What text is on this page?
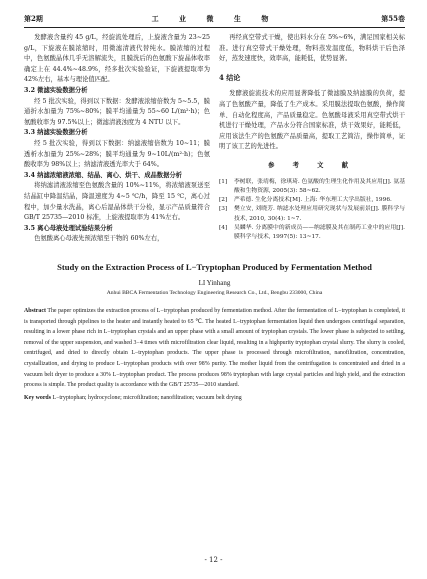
第2期	工 业 微 生 物	第55卷

发酵液含量约 45 g/L，经旋流处理后，上旋液含量为 23~25 g/L，下旋液在膜浓缩时，用微滤清液代替纯水。膜浓缩的过程中，色氨酸晶体几乎无溶解流失，且膜洗后的色氨酸下旋晶体收率确定上在 44.4%~48.9%，经多批次实验验证，下旋液提取率为 42%左右，基本与理论值匹配。

3.2 微滤实验数据分析

经 5 批次实验，得到以下数据：发酵液浓缩倍数为 5~5.5，膜通折水加量为 75%~80%；膜平均通量为 55~60 L/(m²·h)；色氨酸收率为 97.5%以上；微滤清液浊度为 4 NTU 以下。

3.3 纳滤实验数据分析

经 5 批次实验，得到以下数据：纳滤液缩倍数为 10~11；膜透析水加量为 25%~28%；膜平均通量为 9~10L/(m²·h)；色氨酸收率为 98%以上；纳滤清液透光率大于 64%。

3.4 纳滤浓缩液浓缩、结晶、离心、烘干、成品数据分析

将纳滤清液浓缩至色氨酸含量的 10%~11%，将浓缩液泵送至结晶缸中降温结晶，降温速度为 4~5 ℃/h，降至 15 ℃，离心过程中，加少量水洗晶，离心后湿晶体烘干分检，显示产品质量符合 GB/T 25735—2010 标准，上旋液提取率为 41%左右。

3.5 离心母液处理试验结果分析

色氨酸离心母液先预浓缩至干物的 60%左右，

再经真空带式干燥，使出料水分在 5%~6%，满足国家相关标准。进行真空带式干燥处理，物料蒸发温度低，物料烘干后色泽好，蒸发速度快，效率高，能耗低，优势显著。

4 结论

发酵液旋流技术的应用显著降低了微滤膜及纳滤膜的负荷，提高了色氨酸产量，降低了生产成本。采用膜法提取色氨酸，操作简单、自动化程度高，产品质量稳定。色氨酸母液采用真空带式烘干机进行干燥处理，产品水分符合国家标准，烘干效果好，能耗低，应用该法生产的色氨酸产品质量高，提取工艺简洁，操作简单，证明了该工艺的先进性。

参 考 文 献

[1]	李树联，张靖梅，徐琪琦. 色氨酸的生理生化作用及其应用[J]. 氨基酸和生物资源, 2005(3): 58~62.
[2]	严希德. 生化分离技术[M]. 上海: 华东理工大学出版社, 1996.
[3]	樊立安, 刘晓芳. 纳滤水处理应用研究现状与发展前景[J]. 膜科学与技术, 2010, 30(4): 1~7.
[4]	吴麟华. 分离膜中的新成员——纳滤膜及其在制药工业中的应用[J]. 膜科学与技术, 1997(5): 13~17.
Study on the Extraction Process of L−Tryptophan Produced by Fermentation Method
LI Yinhang
Anhui BBCA Fermentation Technology Engineering Research Co., Ltd., Bengbu 233000, China
Abstract The paper optimizes the extraction process of L−tryptophan produced by fermentation method. After the fermentation of L−tryptophan is completed, it is transported through pipelines to the heater and instantly heated to 65 ℃. The heated L−tryptophan fermentation liquid then undergoes centrifugal separation, resulting in a lower phase rich in L−tryptophan crystals and an upper phase with a small amount of tryptophan crystals. The lower phase is subjected to settling, removal of the upper suspension, and washed 3−4 times with microfiltration clear liquid, resulting in a highpurity tryptophan crystal slurry. The slurry is cooled, centrifuged, and dried to directly obtain L−tryptophan products. The upper phase is processed through microfiltration, nanofiltration, concentration, crystallization, and drying to produce L−tryptophan products with over 98% purity. The mother liquid from the centrifugation is concentrated and dried in a vacuum belt dryer to produce a 30% L−tryptophan product. The process produces 98% tryptophan with large crystal particles and high yield, and the extraction process is simple. The product quality is accordance with the GB/T 25735—2010 standard.
Key words L−tryptophan; hydrocyclone; microfiltration; nanofiltration; vacuum belt drying
- 12 -
